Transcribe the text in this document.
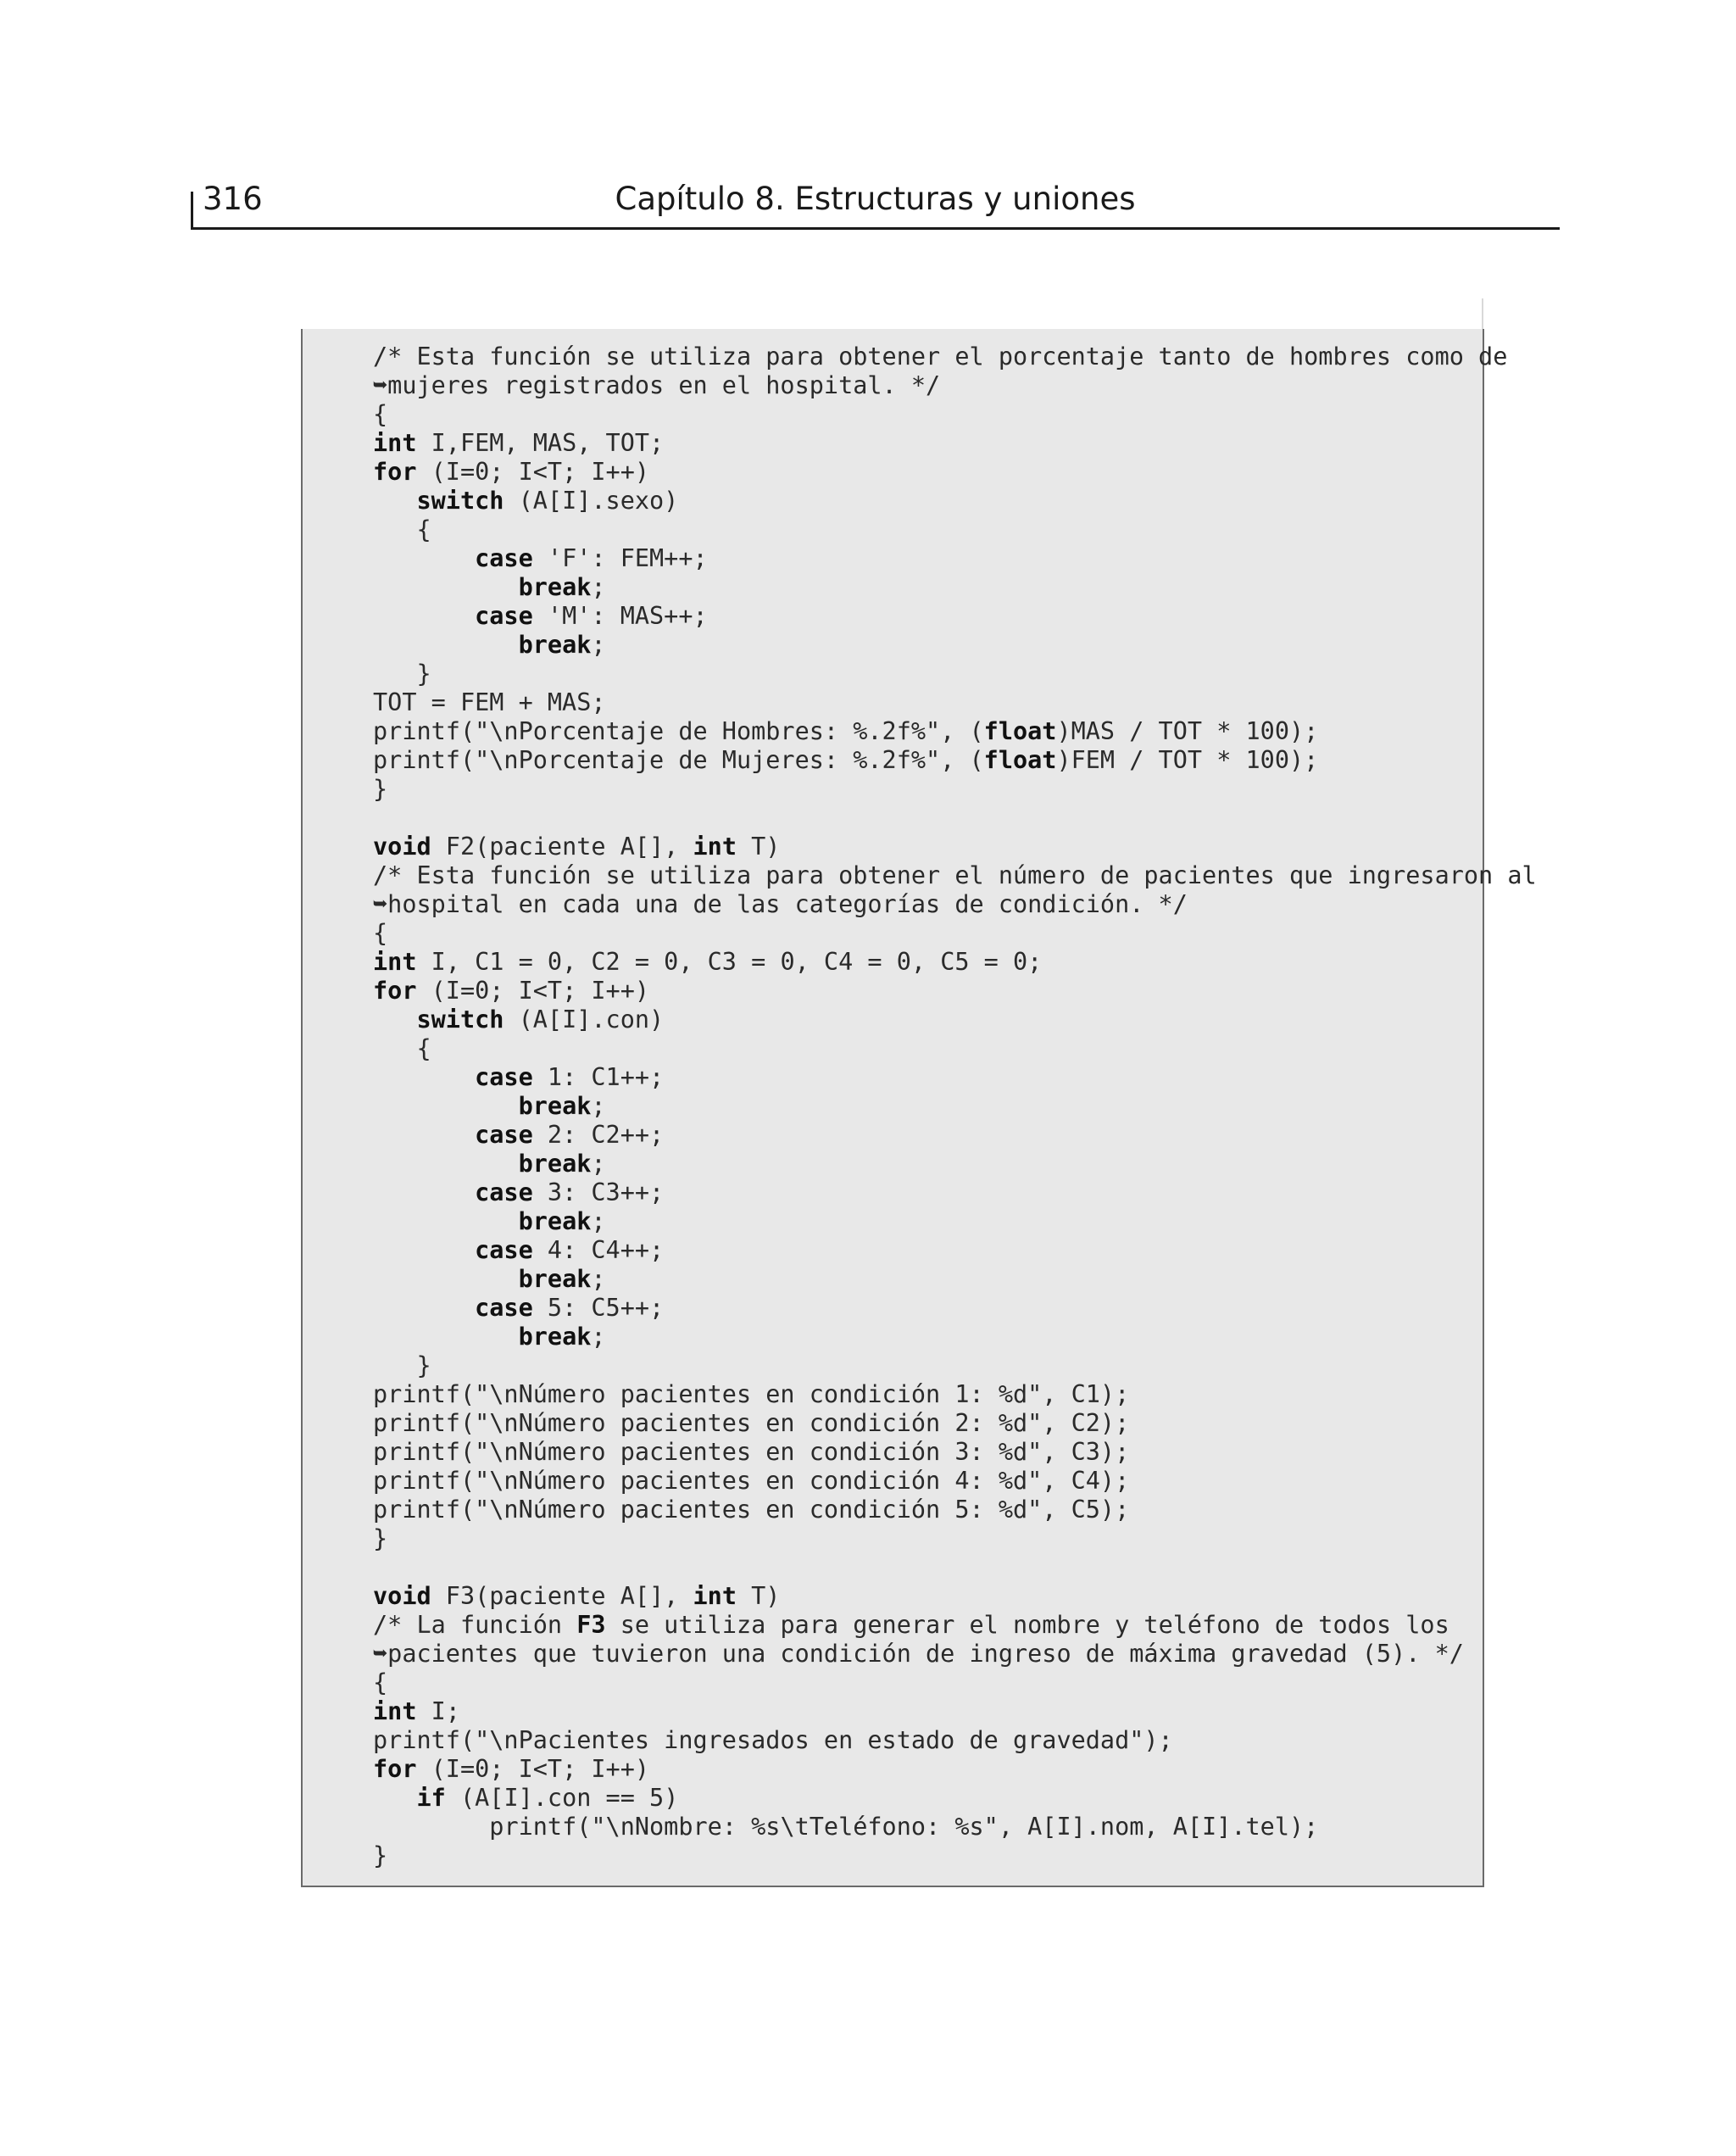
316	Capítulo 8. Estructuras y uniones
/* Esta función se utiliza para obtener el porcentaje tanto de hombres como de
➥mujeres registrados en el hospital. */
{
int I,FEM, MAS, TOT;
for (I=0; I<T; I++)
switch (A[I].sexo)
{
case 'F': FEM++;
break;
case 'M': MAS++;
break;
}
TOT = FEM + MAS;
printf("\nPorcentaje de Hombres: %.2f%", (float)MAS / TOT * 100);
printf("\nPorcentaje de Mujeres: %.2f%", (float)FEM / TOT * 100);
}
void F2(paciente A[], int T)
/* Esta función se utiliza para obtener el número de pacientes que ingresaron al
➥hospital en cada una de las categorías de condición. */
{
int I, C1 = 0, C2 = 0, C3 = 0, C4 = 0, C5 = 0;
for (I=0; I<T; I++)
switch (A[I].con)
{
case 1: C1++;
break;
case 2: C2++;
break;
case 3: C3++;
break;
case 4: C4++;
break;
case 5: C5++;
break;
}
printf("\nNúmero pacientes en condición 1: %d", C1);
printf("\nNúmero pacientes en condición 2: %d", C2);
printf("\nNúmero pacientes en condición 3: %d", C3);
printf("\nNúmero pacientes en condición 4: %d", C4);
printf("\nNúmero pacientes en condición 5: %d", C5);
}
void F3(paciente A[], int T)
/* La función F3 se utiliza para generar el nombre y teléfono de todos los
➥pacientes que tuvieron una condición de ingreso de máxima gravedad (5). */
{
int I;
printf("\nPacientes ingresados en estado de gravedad");
for (I=0; I<T; I++)
if (A[I].con == 5)
printf("\nNombre: %s\tTeléfono: %s", A[I].nom, A[I].tel);
}
